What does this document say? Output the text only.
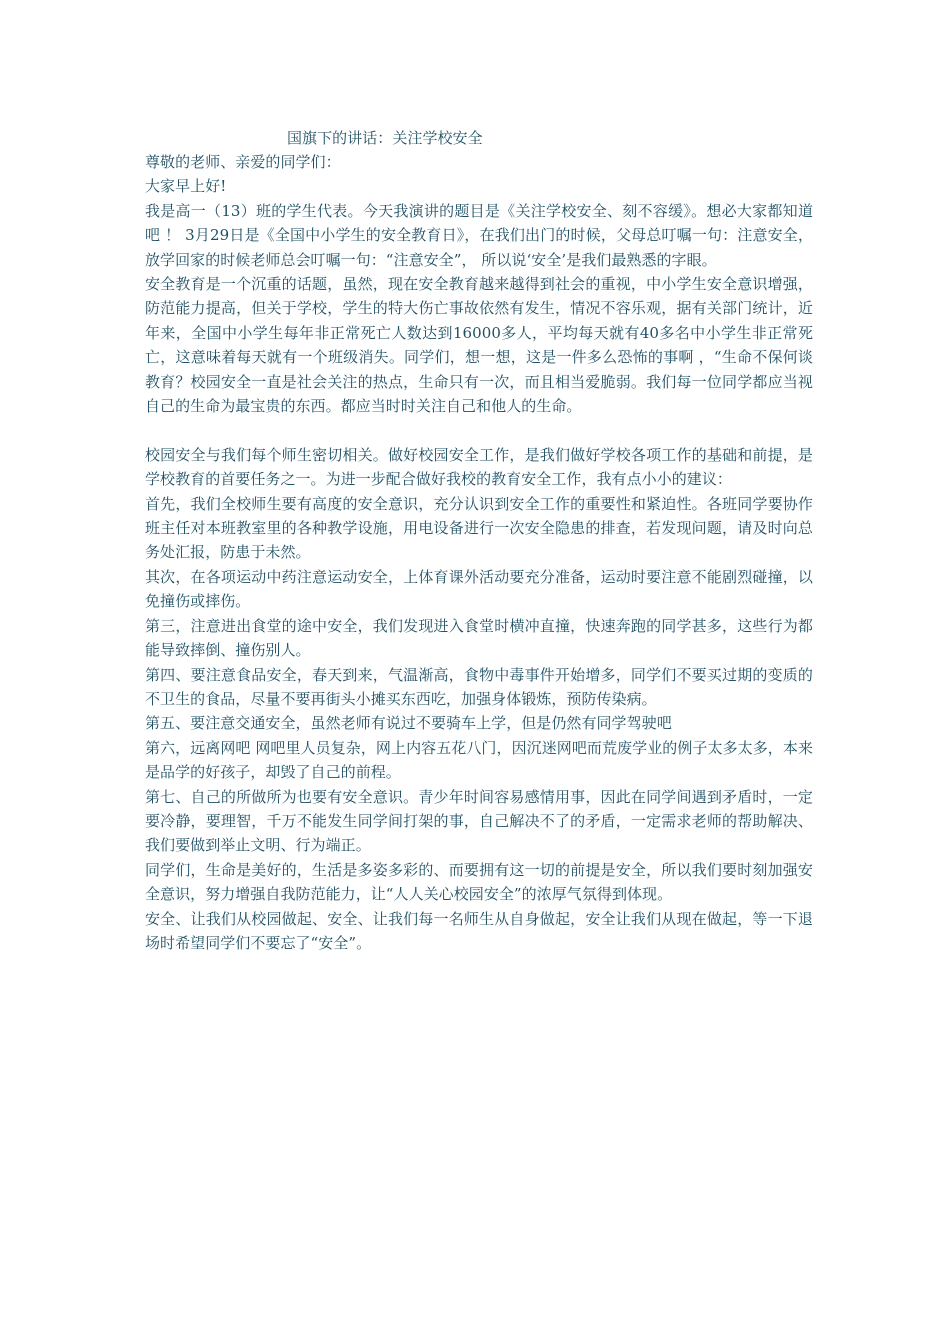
国旗下的讲话：关注学校安全

尊敬的老师、亲爱的同学们：

大家早上好!

我是高一（13）班的学生代表。今天我演讲的题目是《关注学校安全、刻不容缓》。想必大家都知道吧 ！ 3月29日是《全国中小学生的安全教育日》，在我们出门的时候，父母总叮嘱一句：注意安全，放学回家的时候老师总会叮嘱一句：“注意安全”， 所以说‘安全’是我们最熟悉的字眼。

安全教育是一个沉重的话题，虽然，现在安全教育越来越得到社会的重视，中小学生安全意识增强，防范能力提高，但关于学校，学生的特大伤亡事故依然有发生，情况不容乐观，据有关部门统计，近年来，全国中小学生每年非正常死亡人数达到16000多人，平均每天就有40多名中小学生非正常死亡，这意味着每天就有一个班级消失。同学们，想一想，这是一件多么恐怖的事啊 ，“生命不保何谈教育？校园安全一直是社会关注的热点，生命只有一次，而且相当爱脆弱。我们每一位同学都应当视自己的生命为最宝贵的东西。都应当时时关注自己和他人的生命。

校园安全与我们每个师生密切相关。做好校园安全工作，是我们做好学校各项工作的基础和前提，是学校教育的首要任务之一。为进一步配合做好我校的教育安全工作，我有点小小的建议：

首先，我们全校师生要有高度的安全意识，充分认识到安全工作的重要性和紧迫性。各班同学要协作班主任对本班教室里的各种教学设施，用电设备进行一次安全隐患的排查，若发现问题，请及时向总务处汇报，防患于未然。

其次，在各项运动中药注意运动安全，上体育课外活动要充分准备，运动时要注意不能剧烈碰撞，以免撞伤或摔伤。

第三，注意进出食堂的途中安全，我们发现进入食堂时横冲直撞，快速奔跑的同学甚多，这些行为都能导致摔倒、撞伤别人。

第四、要注意食品安全，春天到来，气温渐高，食物中毒事件开始增多，同学们不要买过期的变质的不卫生的食品，尽量不要再街头小摊买东西吃，加强身体锻炼，预防传染病。

第五、要注意交通安全，虽然老师有说过不要骑车上学，但是仍然有同学驾驶吧

第六，远离网吧 网吧里人员复杂，网上内容五花八门，因沉迷网吧而荒废学业的例子太多太多，本来是品学的好孩子，却毁了自己的前程。

第七、自己的所做所为也要有安全意识。青少年时间容易感情用事，因此在同学间遇到矛盾时，一定要冷静，要理智，千万不能发生同学间打架的事，自己解决不了的矛盾，一定需求老师的帮助解决、我们要做到举止文明、行为端正。

同学们，生命是美好的，生活是多姿多彩的、而要拥有这一切的前提是安全，所以我们要时刻加强安全意识，努力增强自我防范能力，让“人人关心校园安全”的浓厚气氛得到体现。

安全、让我们从校园做起、安全、让我们每一名师生从自身做起，安全让我们从现在做起，等一下退场时希望同学们不要忘了“安全”。
